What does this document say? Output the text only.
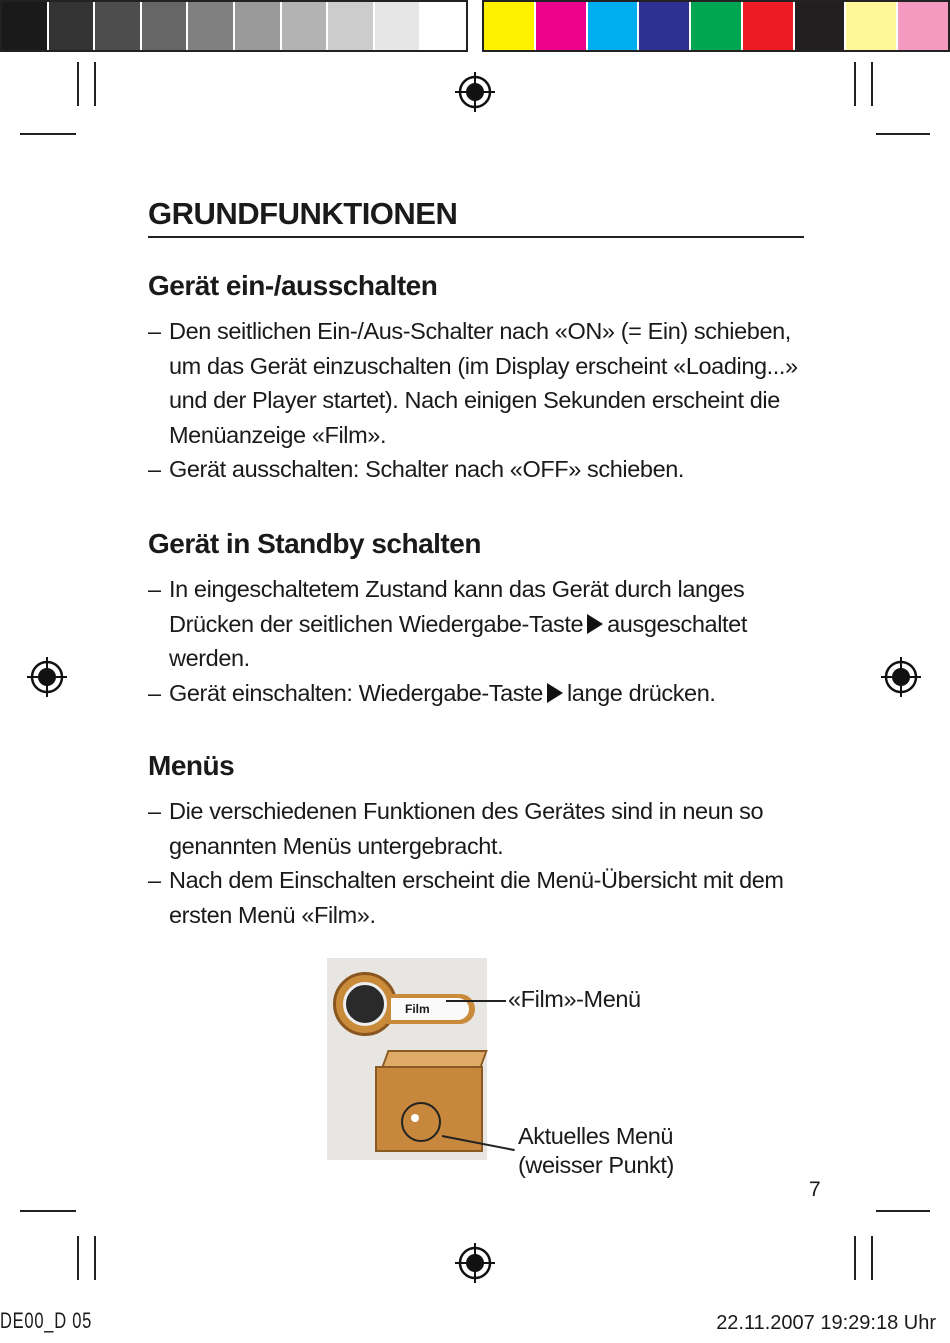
GRUNDFUNKTIONEN
Gerät ein-/ausschalten
– Den seitlichen Ein-/Aus-Schalter nach «ON» (= Ein) schieben, um das Gerät einzuschalten (im Display erscheint «Loading...» und der Player startet). Nach einigen Sekunden erscheint die Menüanzeige «Film».
– Gerät ausschalten: Schalter nach «OFF» schieben.
Gerät in Standby schalten
– In eingeschaltetem Zustand kann das Gerät durch langes Drücken der seitlichen Wiedergabe-Taste ausgeschaltet werden.
– Gerät einschalten: Wiedergabe-Taste lange drücken.
Menüs
– Die verschiedenen Funktionen des Gerätes sind in neun so genannten Menüs untergebracht.
– Nach dem Einschalten erscheint die Menü-Übersicht mit dem ersten Menü «Film».
Film	«Film»-Menü
Aktuelles Menü
(weisser Punkt)
7
DE00_D 05	22.11.2007 19:29:18 Uhr
